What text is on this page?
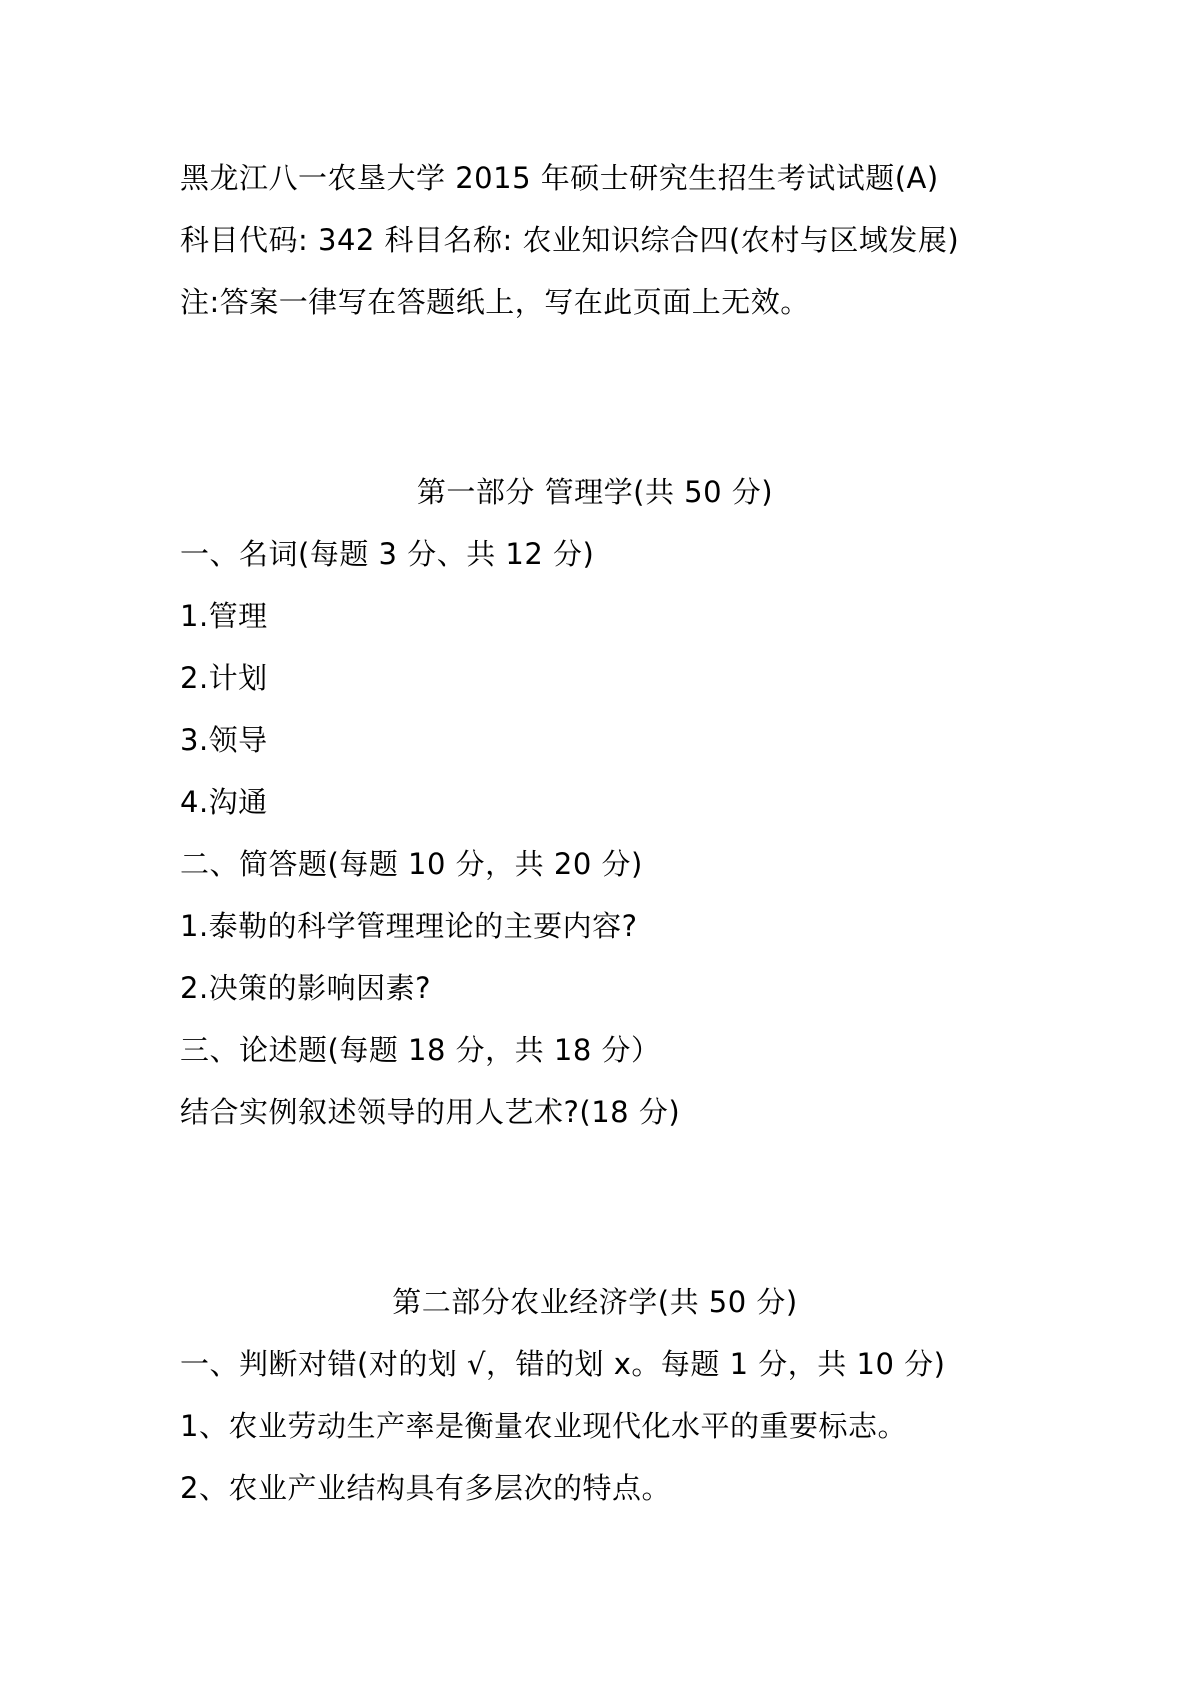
黑龙江八一农垦大学 2015 年硕士研究生招生考试试题(A)
科目代码: 342 科目名称: 农业知识综合四(农村与区域发展)
注:答案一律写在答题纸上，写在此页面上无效。
第一部分 管理学(共 50 分)
一、名词(每题 3 分、共 12 分)
1.管理
2.计划
3.领导
4.沟通
二、简答题(每题 10 分，共 20 分)
1.泰勒的科学管理理论的主要内容?
2.决策的影响因素?
三、论述题(每题 18 分，共 18 分）
结合实例叙述领导的用人艺术?(18 分)
第二部分农业经济学(共 50 分)
一、判断对错(对的划 √，错的划 x。每题 1 分，共 10 分)
1、农业劳动生产率是衡量农业现代化水平的重要标志。
2、农业产业结构具有多层次的特点。
